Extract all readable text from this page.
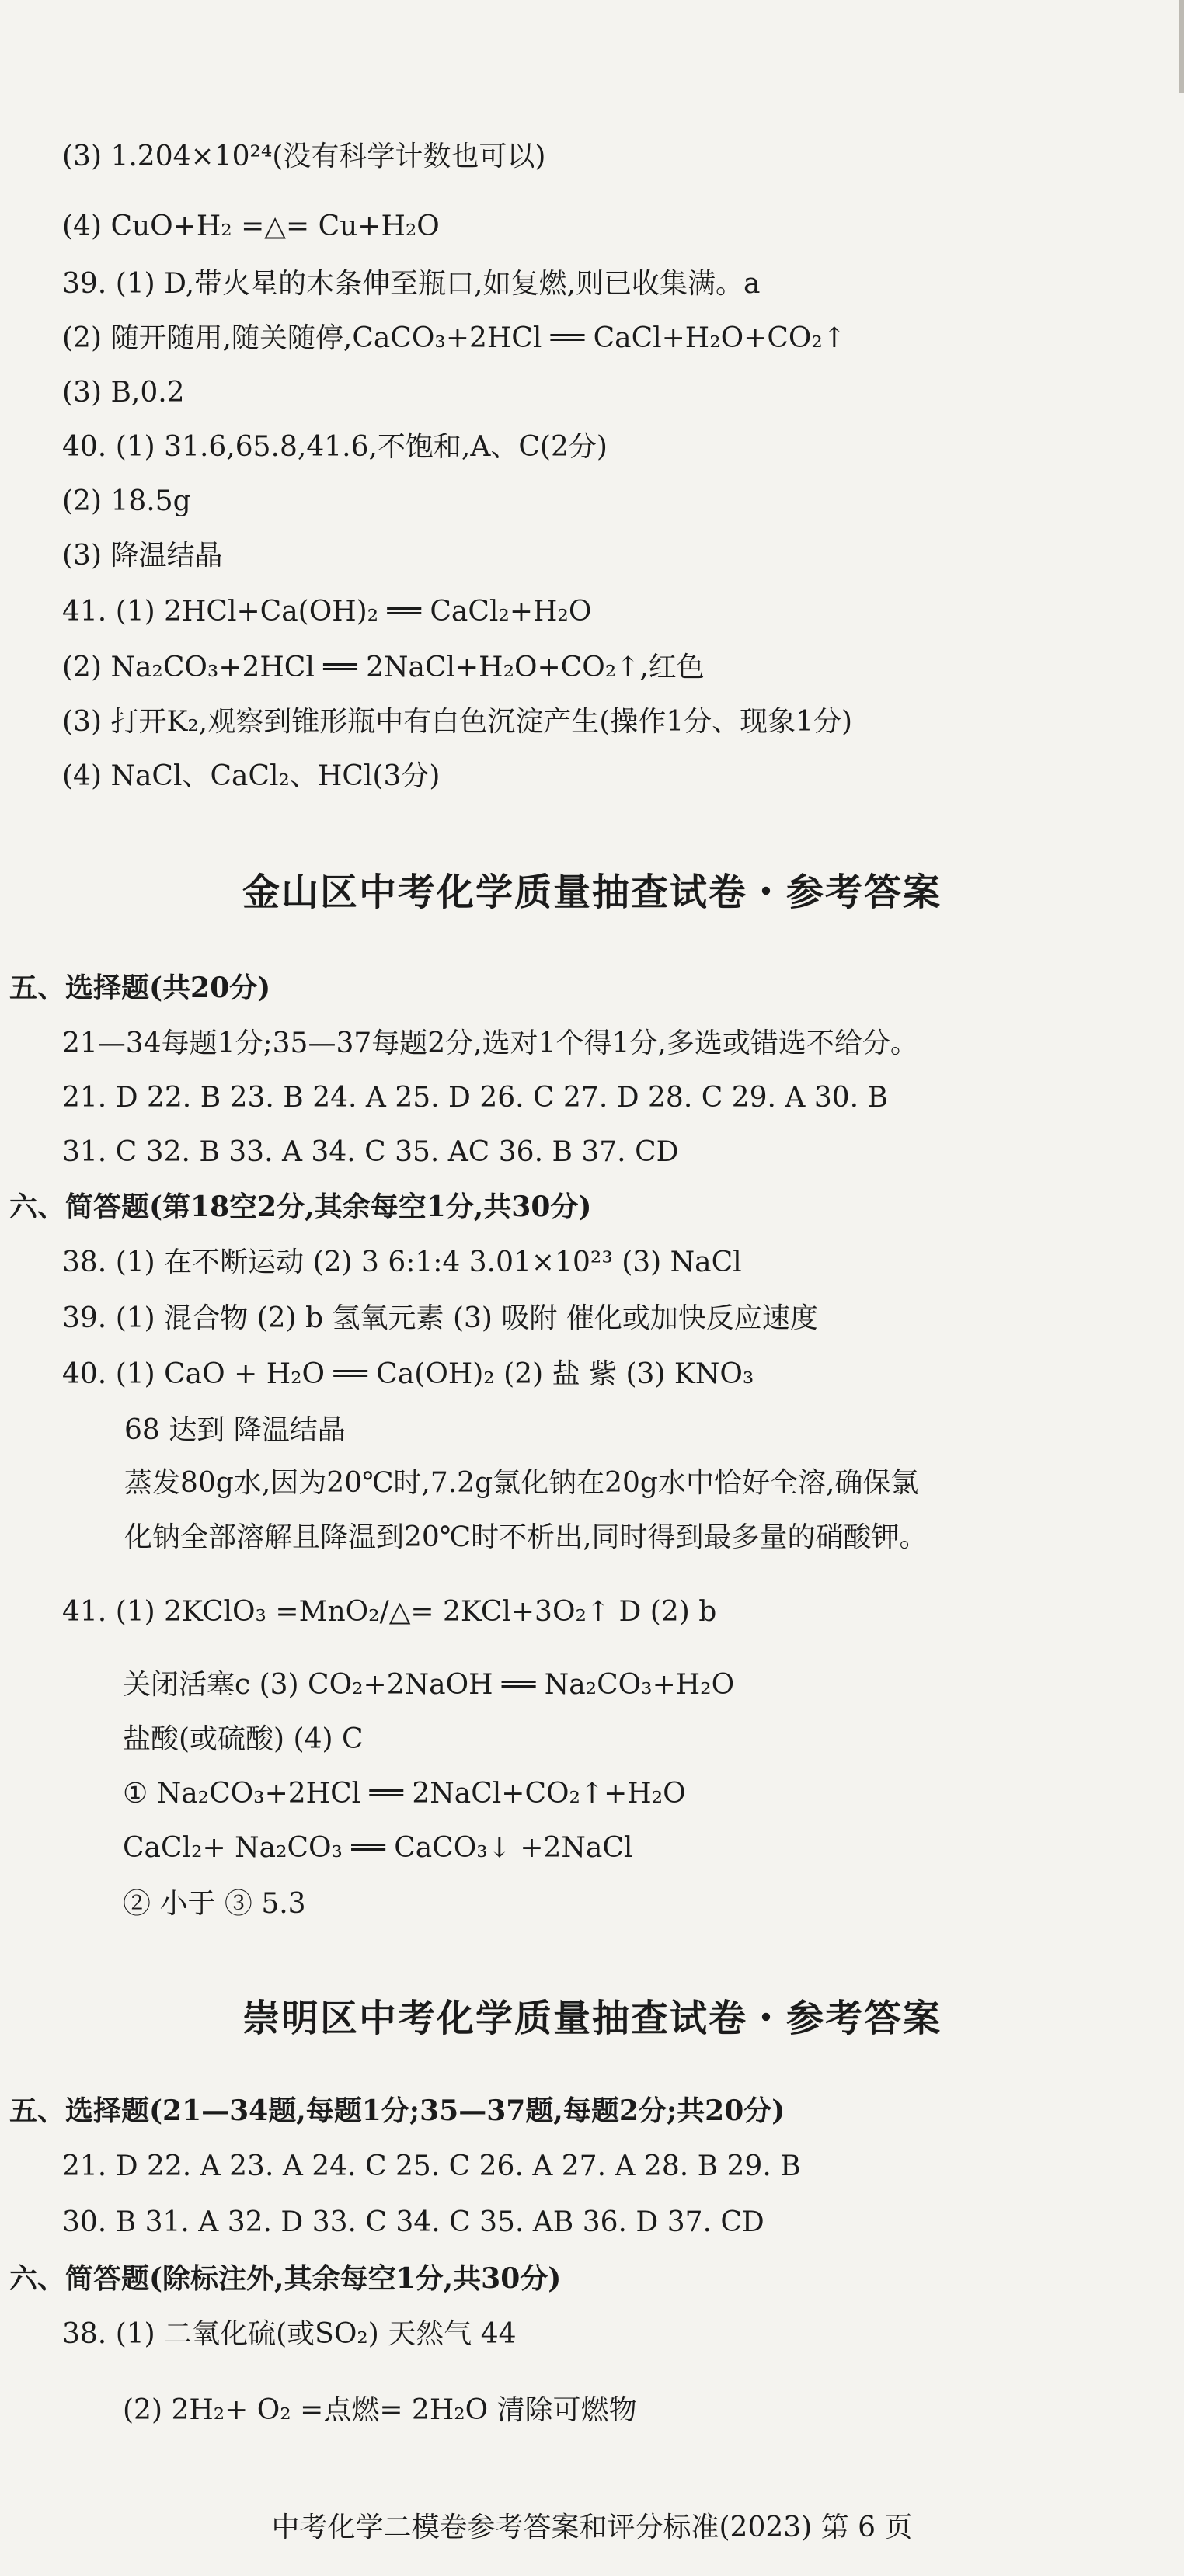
(3) 1.204×10²⁴(没有科学计数也可以)
(4) CuO+H₂ =△= Cu+H₂O
39. (1) D,带火星的木条伸至瓶口,如复燃,则已收集满。a
(2) 随开随用,随关随停,CaCO₃+2HCl ══ CaCl+H₂O+CO₂↑
(3) B,0.2
40. (1) 31.6,65.8,41.6,不饱和,A、C(2分)
(2) 18.5g
(3) 降温结晶
41. (1) 2HCl+Ca(OH)₂ ══ CaCl₂+H₂O
(2) Na₂CO₃+2HCl ══ 2NaCl+H₂O+CO₂↑,红色
(3) 打开K₂,观察到锥形瓶中有白色沉淀产生(操作1分、现象1分)
(4) NaCl、CaCl₂、HCl(3分)
金山区中考化学质量抽查试卷・参考答案
五、选择题(共20分)
21—34每题1分;35—37每题2分,选对1个得1分,多选或错选不给分。
21. D 22. B 23. B 24. A 25. D 26. C 27. D 28. C 29. A 30. B
31. C 32. B 33. A 34. C 35. AC 36. B 37. CD
六、简答题(第18空2分,其余每空1分,共30分)
38. (1) 在不断运动 (2) 3 6:1:4 3.01×10²³ (3) NaCl
39. (1) 混合物 (2) b 氢氧元素 (3) 吸附 催化或加快反应速度
40. (1) CaO + H₂O ══ Ca(OH)₂ (2) 盐 紫 (3) KNO₃
68 达到 降温结晶
蒸发80g水,因为20℃时,7.2g氯化钠在20g水中恰好全溶,确保氯
化钠全部溶解且降温到20℃时不析出,同时得到最多量的硝酸钾。
41. (1) 2KClO₃ =MnO₂/△= 2KCl+3O₂↑ D (2) b
关闭活塞c (3) CO₂+2NaOH ══ Na₂CO₃+H₂O
盐酸(或硫酸) (4) C
① Na₂CO₃+2HCl ══ 2NaCl+CO₂↑+H₂O
CaCl₂+ Na₂CO₃ ══ CaCO₃↓ +2NaCl
② 小于 ③ 5.3
崇明区中考化学质量抽查试卷・参考答案
五、选择题(21—34题,每题1分;35—37题,每题2分;共20分)
21. D 22. A 23. A 24. C 25. C 26. A 27. A 28. B 29. B
30. B 31. A 32. D 33. C 34. C 35. AB 36. D 37. CD
六、简答题(除标注外,其余每空1分,共30分)
38. (1) 二氧化硫(或SO₂) 天然气 44
(2) 2H₂+ O₂ =点燃= 2H₂O 清除可燃物
中考化学二模卷参考答案和评分标准(2023) 第 6 页
